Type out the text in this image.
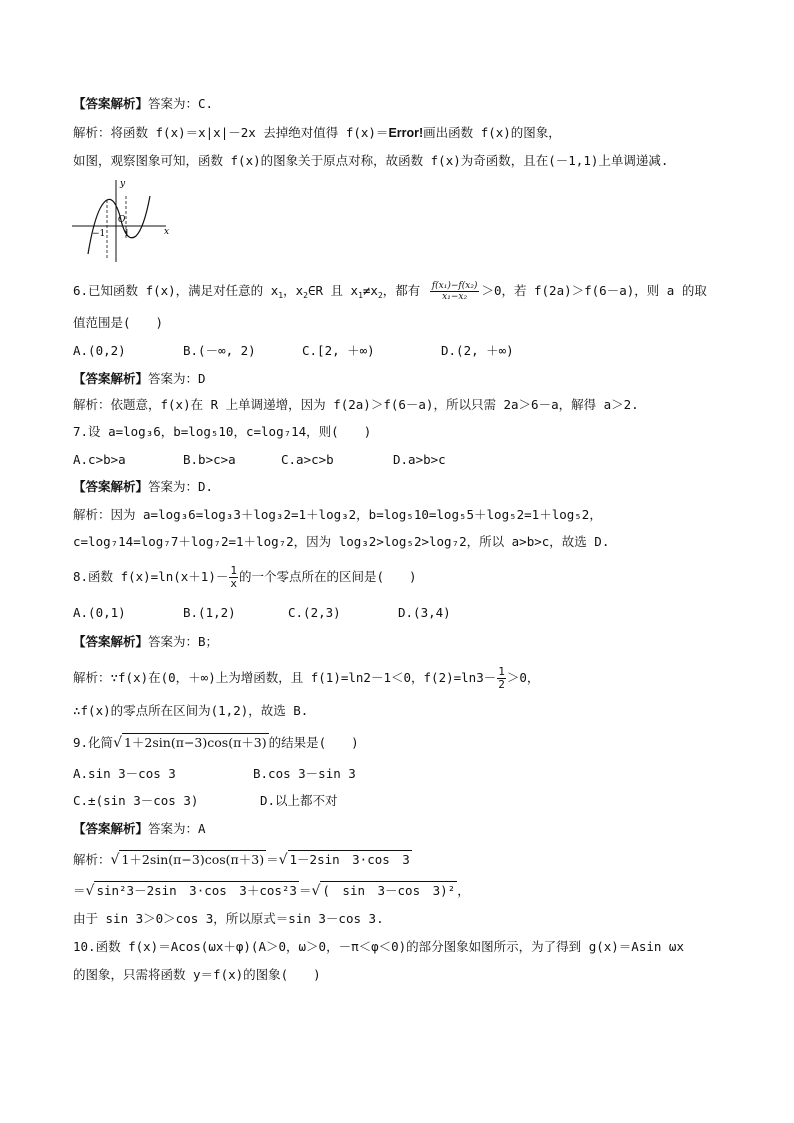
【答案解析】答案为：C.
解析：将函数 f(x)＝x|x|－2x 去掉绝对值得 f(x)＝Error!画出函数 f(x)的图象，
如图，观察图象可知，函数 f(x)的图象关于原点对称，故函数 f(x)为奇函数，且在(－1,1)上单调递减.
y
x
O
−1 1
6.已知函数 f(x)，满足对任意的 $x_1$，$x_2\in R$ 且 $x_1\ne x_2$，都有 $\frac{\text{f(x₁)−f(x₂)}}{\text{x₁−x₂}} >0$，若 f(2a)＞f(6－a)，则 a 的取
值范围是(　　)
A.(0,2)	B.(－∞, 2)	C.[2, ＋∞)	D.(2, ＋∞)
【答案解析】答案为：D
解析：依题意，f(x)在 R 上单调递增，因为 f(2a)＞f(6－a)，所以只需 2a＞6－a，解得 a＞2.
7.设 a=log₃6，b=log₅10，c=log₇14，则(　　)
A.c>b>a	B.b>c>a	C.a>c>b	D.a>b>c
【答案解析】答案为：D.
解析：因为 a=log₃6=log₃3＋log₃2=1＋log₃2，b=log₅10=log₅5＋log₅2=1＋log₅2，
c=log₇14=log₇7＋log₇2=1＋log₇2，因为 log₃2>log₅2>log₇2，所以 a>b>c，故选 D.
8.函数 $f(x)=\ln(x+1)- \frac{1}{x}$ 的一个零点所在的区间是(　　)
A.(0,1)	B.(1,2)	C.(2,3)	D.(3,4)
【答案解析】答案为：B；
解析：∵f(x)在(0，＋∞)上为增函数，且 f(1)=ln2－1＜0，$f(2)=\ln 3- \frac{1}{2} >0$，
∴f(x)的零点所在区间为(1,2)，故选 B.
9.化简√ 1＋2sin(π−3)cos(π＋3) 的结果是(　　)
A.sin 3－cos 3	B.cos 3－sin 3
C.±(sin 3－cos 3)	D.以上都不对
【答案解析】答案为：A
解析：√ 1＋2sin(π−3)cos(π＋3) ＝√ 1－2sin　3·cos　3
＝√ sin²3－2sin　3·cos　3＋cos²3 ＝√ (　sin　3－cos　3)² ，
由于 sin 3＞0＞cos 3，所以原式＝sin 3－cos 3.
10.函数 f(x)＝Acos(ωx＋φ)(A＞0，ω＞0，－π＜φ＜0)的部分图象如图所示，为了得到 g(x)＝Asin ωx
的图象，只需将函数 y＝f(x)的图象(　　)
